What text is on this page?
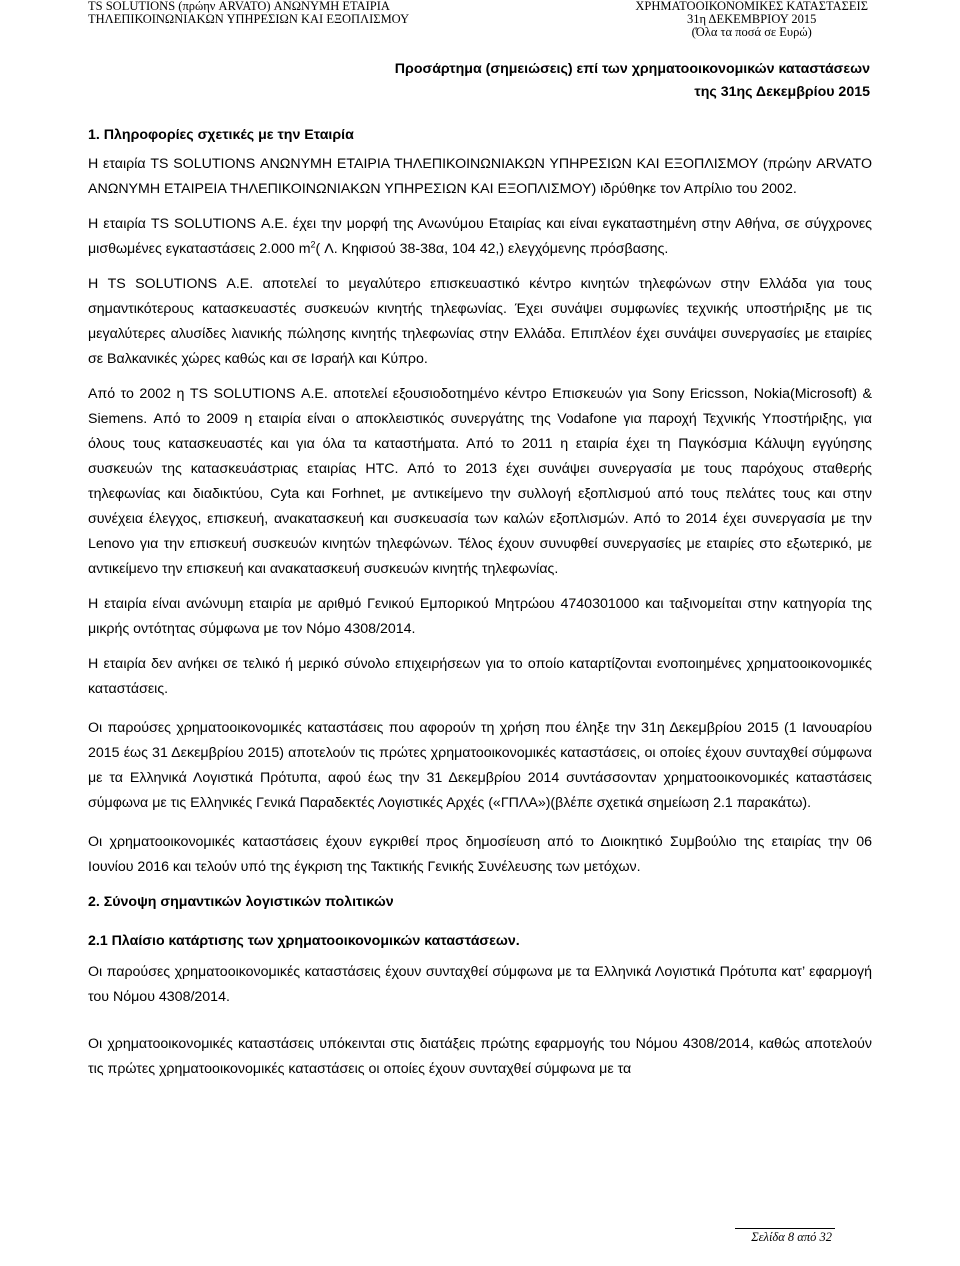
TS SOLUTIONS (πρώην ARVATO) ΑΝΩΝΥΜΗ ΕΤΑΙΡΙΑ
ΤΗΛΕΠΙΚΟΙΝΩΝΙΑΚΩΝ ΥΠΗΡΕΣΙΩΝ ΚΑΙ ΕΞΟΠΛΙΣΜΟΥ
ΧΡΗΜΑΤΟΟΙΚΟΝΟΜΙΚΕΣ ΚΑΤΑΣΤΑΣΕΙΣ
31η ΔΕΚΕΜΒΡΙΟΥ 2015
(Όλα τα ποσά σε Ευρώ)

Προσάρτημα (σημειώσεις) επί των χρηματοοικονομικών καταστάσεων
της 31ης Δεκεμβρίου 2015

1. Πληροφορίες σχετικές με την Εταιρία

Η εταιρία TS SOLUTIONS ΑΝΩΝΥΜΗ ΕΤΑΙΡΙΑ ΤΗΛΕΠΙΚΟΙΝΩΝΙΑΚΩΝ ΥΠΗΡΕΣΙΩΝ ΚΑΙ ΕΞΟΠΛΙΣΜΟΥ (πρώην ARVATO ΑΝΩΝΥΜΗ ΕΤΑΙΡΕΙΑ ΤΗΛΕΠΙΚΟΙΝΩΝΙΑΚΩΝ ΥΠΗΡΕΣΙΩΝ ΚΑΙ ΕΞΟΠΛΙΣΜΟΥ) ιδρύθηκε τον Απρίλιο του 2002.

Η εταιρία TS SOLUTIONS Α.Ε. έχει την μορφή της Ανωνύμου Εταιρίας και είναι εγκαταστημένη στην Αθήνα, σε σύγχρονες μισθωμένες εγκαταστάσεις 2.000 $m^2$( Λ. Κηφισού 38-38α, 104 42,) ελεγχόμενης πρόσβασης.

Η TS SOLUTIONS Α.Ε. αποτελεί το μεγαλύτερο επισκευαστικό κέντρο κινητών τηλεφώνων στην Ελλάδα για τους σημαντικότερους κατασκευαστές συσκευών κινητής τηλεφωνίας. Έχει συνάψει συμφωνίες τεχνικής υποστήριξης με τις μεγαλύτερες αλυσίδες λιανικής πώλησης κινητής τηλεφωνίας στην Ελλάδα. Επιπλέον έχει συνάψει συνεργασίες με εταιρίες σε Βαλκανικές χώρες καθώς και σε Ισραήλ και Κύπρο.

Από το 2002 η TS SOLUTIONS Α.Ε. αποτελεί εξουσιοδοτημένο κέντρο Επισκευών για Sony Ericsson, Nokia(Microsoft) & Siemens. Από το 2009 η εταιρία είναι ο αποκλειστικός συνεργάτης της Vodafone για παροχή Τεχνικής Υποστήριξης, για όλους τους κατασκευαστές και για όλα τα καταστήματα. Από το 2011 η εταιρία έχει τη Παγκόσμια Κάλυψη εγγύησης συσκευών της κατασκευάστριας εταιρίας HTC. Από το 2013 έχει συνάψει συνεργασία με τους παρόχους σταθερής τηλεφωνίας και διαδικτύου, Cyta και Forhnet, με αντικείμενο την συλλογή εξοπλισμού από τους πελάτες τους και στην συνέχεια έλεγχος, επισκευή, ανακατασκευή και συσκευασία των καλών εξοπλισμών. Από το 2014 έχει συνεργασία με την Lenovo για την επισκευή συσκευών κινητών τηλεφώνων. Τέλος έχουν συνυφθεί συνεργασίες με εταιρίες στο εξωτερικό, με αντικείμενο την επισκευή και ανακατασκευή συσκευών κινητής τηλεφωνίας.

Η εταιρία είναι ανώνυμη εταιρία με αριθμό Γενικού Εμπορικού Μητρώου 4740301000 και ταξινομείται στην κατηγορία της μικρής οντότητας σύμφωνα με τον Νόμο 4308/2014.

Η εταιρία δεν ανήκει σε τελικό ή μερικό σύνολο επιχειρήσεων για το οποίο καταρτίζονται ενοποιημένες χρηματοοικονομικές καταστάσεις.

Οι παρούσες χρηματοοικονομικές καταστάσεις που αφορούν τη χρήση που έληξε την 31η Δεκεμβρίου 2015 (1 Ιανουαρίου 2015 έως 31 Δεκεμβρίου 2015) αποτελούν τις πρώτες χρηματοοικονομικές καταστάσεις, οι οποίες έχουν συνταχθεί σύμφωνα με τα Ελληνικά Λογιστικά Πρότυπα, αφού έως την 31 Δεκεμβρίου 2014 συντάσσονταν χρηματοοικονομικές καταστάσεις σύμφωνα με τις Ελληνικές Γενικά Παραδεκτές Λογιστικές Αρχές («ΓΠΛΑ»)(βλέπε σχετικά σημείωση 2.1 παρακάτω).

Οι χρηματοοικονομικές καταστάσεις έχουν εγκριθεί προς δημοσίευση από το Διοικητικό Συμβούλιο της εταιρίας την 06 Ιουνίου 2016 και τελούν υπό της έγκριση της Τακτικής Γενικής Συνέλευσης των μετόχων.

2. Σύνοψη σημαντικών λογιστικών πολιτικών

2.1 Πλαίσιο κατάρτισης των χρηματοοικονομικών καταστάσεων.

Οι παρούσες χρηματοοικονομικές καταστάσεις έχουν συνταχθεί σύμφωνα με τα Ελληνικά Λογιστικά Πρότυπα κατ’ εφαρμογή του Νόμου 4308/2014.

Οι χρηματοοικονομικές καταστάσεις υπόκεινται στις διατάξεις πρώτης εφαρμογής του Νόμου 4308/2014, καθώς αποτελούν τις πρώτες χρηματοοικονομικές καταστάσεις οι οποίες έχουν συνταχθεί σύμφωνα με τα

Σελίδα 8 από 32
